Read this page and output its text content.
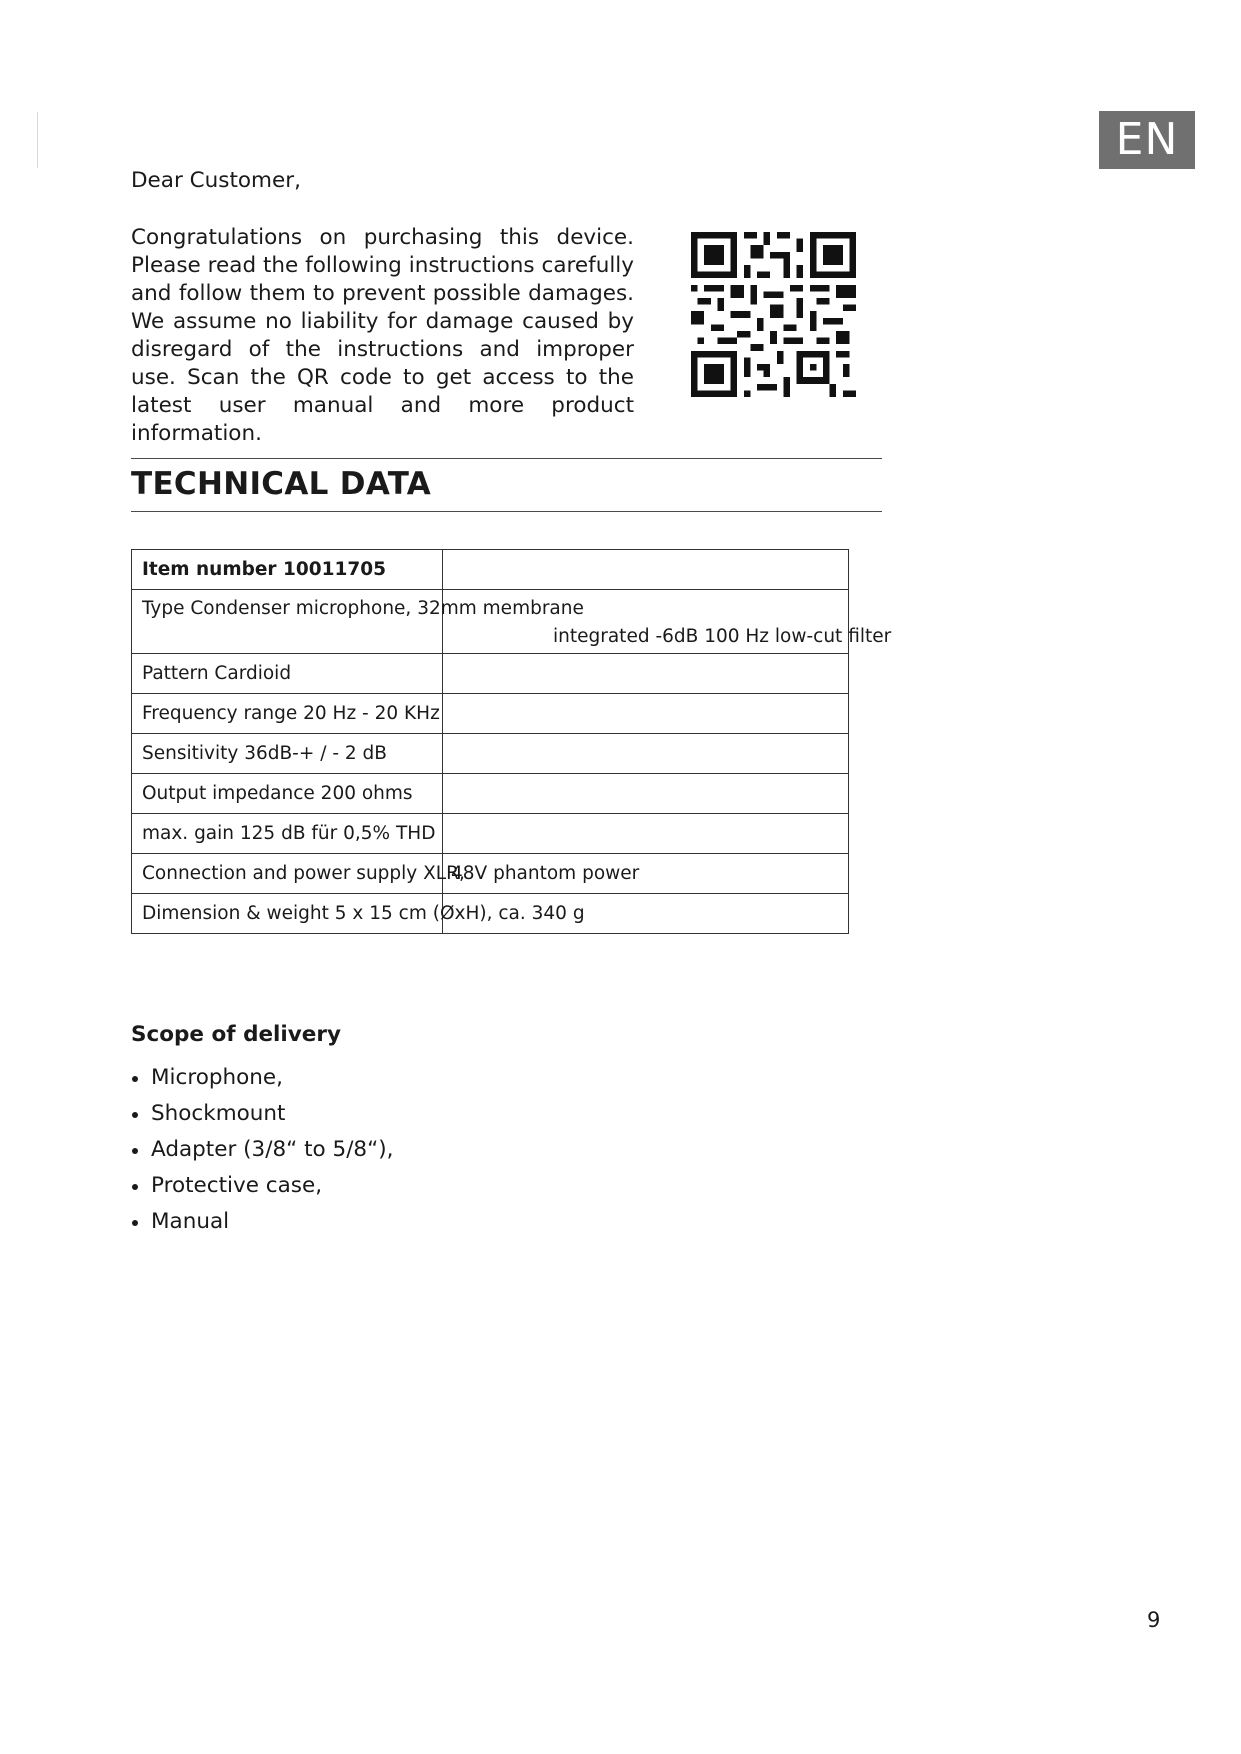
EN

Dear Customer,

Congratulations on purchasing this device. Please read the following instructions carefully and follow them to prevent possible damages. We assume no liability for damage caused by disregard of the instructions and improper use. Scan the QR code to get access to the latest user manual and more product information.

TECHNICAL DATA
Item number 10011705	
Type Condenser microphone, 32mm membrane
integrated -6dB 100 Hz low-cut filter	

Pattern Cardioid	
Frequency range 20 Hz - 20 KHz	
Sensitivity 36dB-+ / - 2 dB	
Output impedance 200 ohms	
max. gain 125 dB für 0,5% THD	
Connection and power supply XLR,	48V phantom power
Dimension & weight 5 x 15 cm (ØxH), ca. 340 g	
Scope of delivery
Microphone,
Shockmount
Adapter (3/8“ to 5/8“),
Protective case,
Manual

9
